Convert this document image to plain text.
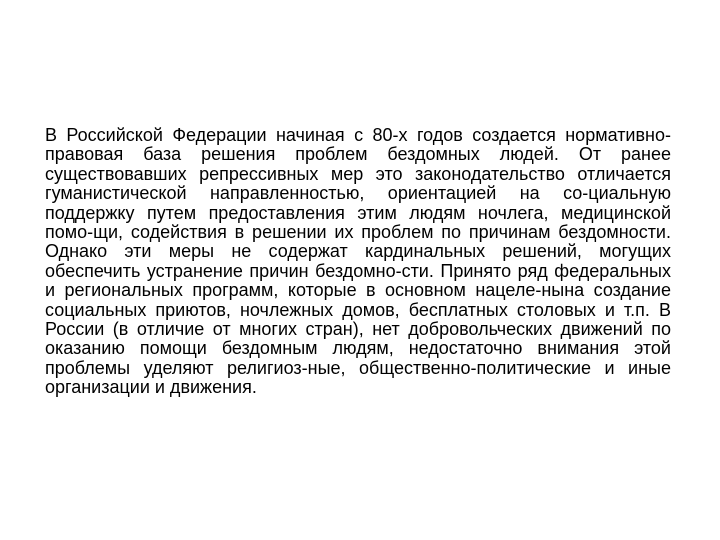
В Российской Федерации начиная с 80-х годов создается нормативно-правовая база решения проблем бездомных людей. От ранее существовавших репрессивных мер это законодательство отличается гуманистической направленностью, ориентацией на со-циальную поддержку путем предоставления этим людям ночлега, медицинской помо-щи, содействия в решении их проблем по причинам бездомности. Однако эти меры не содержат кардинальных решений, могущих обеспечить устранение причин бездомно-сти. Принято ряд федеральных и региональных программ, которые в основном нацеле-нына создание социальных приютов, ночлежных домов, бесплатных столовых и т.п. В России (в отличие от многих стран), нет добровольческих движений по оказанию помощи бездомным людям, недостаточно внимания этой проблемы уделяют религиоз-ные, общественно-политические и иные организации и движения.
